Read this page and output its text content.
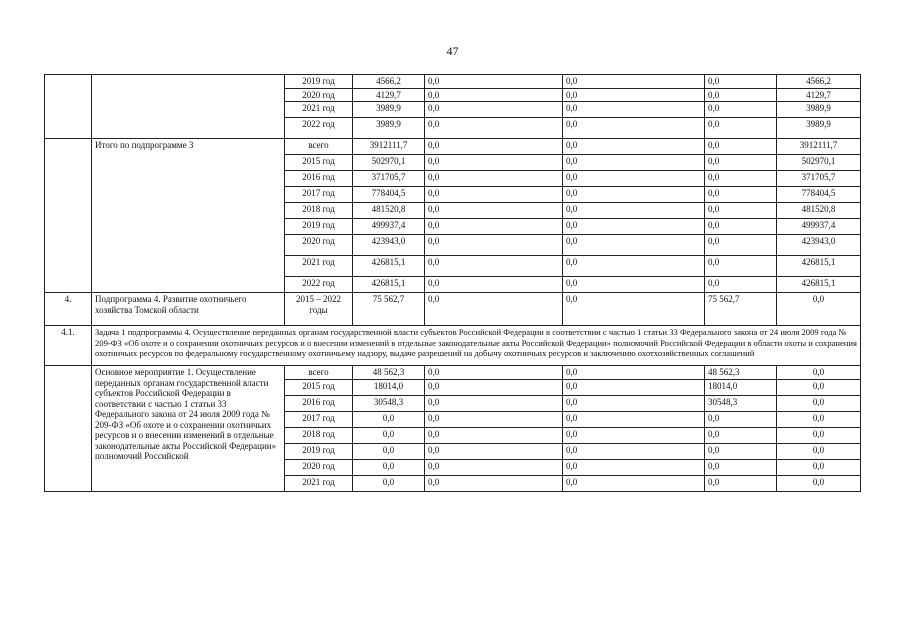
47
		2019 год	4566,2	0,0	0,0	0,0	4566,2
		2020 год	4129,7	0,0	0,0	0,0	4129,7
		2021 год	3989,9	0,0	0,0	0,0	3989,9
		2022 год	3989,9	0,0	0,0	0,0	3989,9
	Итого по подпрограмме 3	всего	3912111,7	0,0	0,0	0,0	3912111,7
		2015 год	502970,1	0,0	0,0	0,0	502970,1
		2016 год	371705,7	0,0	0,0	0,0	371705,7
		2017 год	778404,5	0,0	0,0	0,0	778404,5
		2018 год	481520,8	0,0	0,0	0,0	481520,8
		2019 год	499937,4	0,0	0,0	0,0	499937,4
		2020 год	423943,0	0,0	0,0	0,0	423943,0
		2021 год	426815,1	0,0	0,0	0,0	426815,1
		2022 год	426815,1	0,0	0,0	0,0	426815,1
4.	Подпрограмма 4. Развитие охотничьего хозяйства Томской области	2015 – 2022 годы	75 562,7	0,0	0,0	75 562,7	0,0
4.1.	Задача 1 подпрограммы 4. Осуществление переданных органам государственной власти субъектов Российской Федерации в соответствии с частью 1 статьи 33 Федерального закона от 24 июля 2009 года № 209-ФЗ «Об охоте и о сохранении охотничьих ресурсов и о внесении изменений в отдельные законодательные акты Российской Федерации» полномочий Российской Федерации в области охоты и сохранения охотничьих ресурсов по федеральному государственному охотничьему надзору, выдаче разрешений на добычу охотничьих ресурсов и заключению охотхозяйственных соглашений						
	Основное мероприятие 1. Осуществление переданных органам государственной власти субъектов Российской Федерации в соответствии с частью 1 статьи 33 Федерального закона от 24 июля 2009 года № 209-ФЗ «Об охоте и о сохранении охотничьих ресурсов и о внесении изменений в отдельные законодательные акты Российской Федерации» полномочий Российской	всего	48 562,3	0,0	0,0	48 562,3	0,0
		2015 год	18014,0	0,0	0,0	18014,0	0,0
		2016 год	30548,3	0,0	0,0	30548,3	0,0
		2017 год	0,0	0,0	0,0	0,0	0,0
		2018 год	0,0	0,0	0,0	0,0	0,0
		2019 год	0,0	0,0	0,0	0,0	0,0
		2020 год	0,0	0,0	0,0	0,0	0,0
		2021 год	0,0	0,0	0,0	0,0	0,0
